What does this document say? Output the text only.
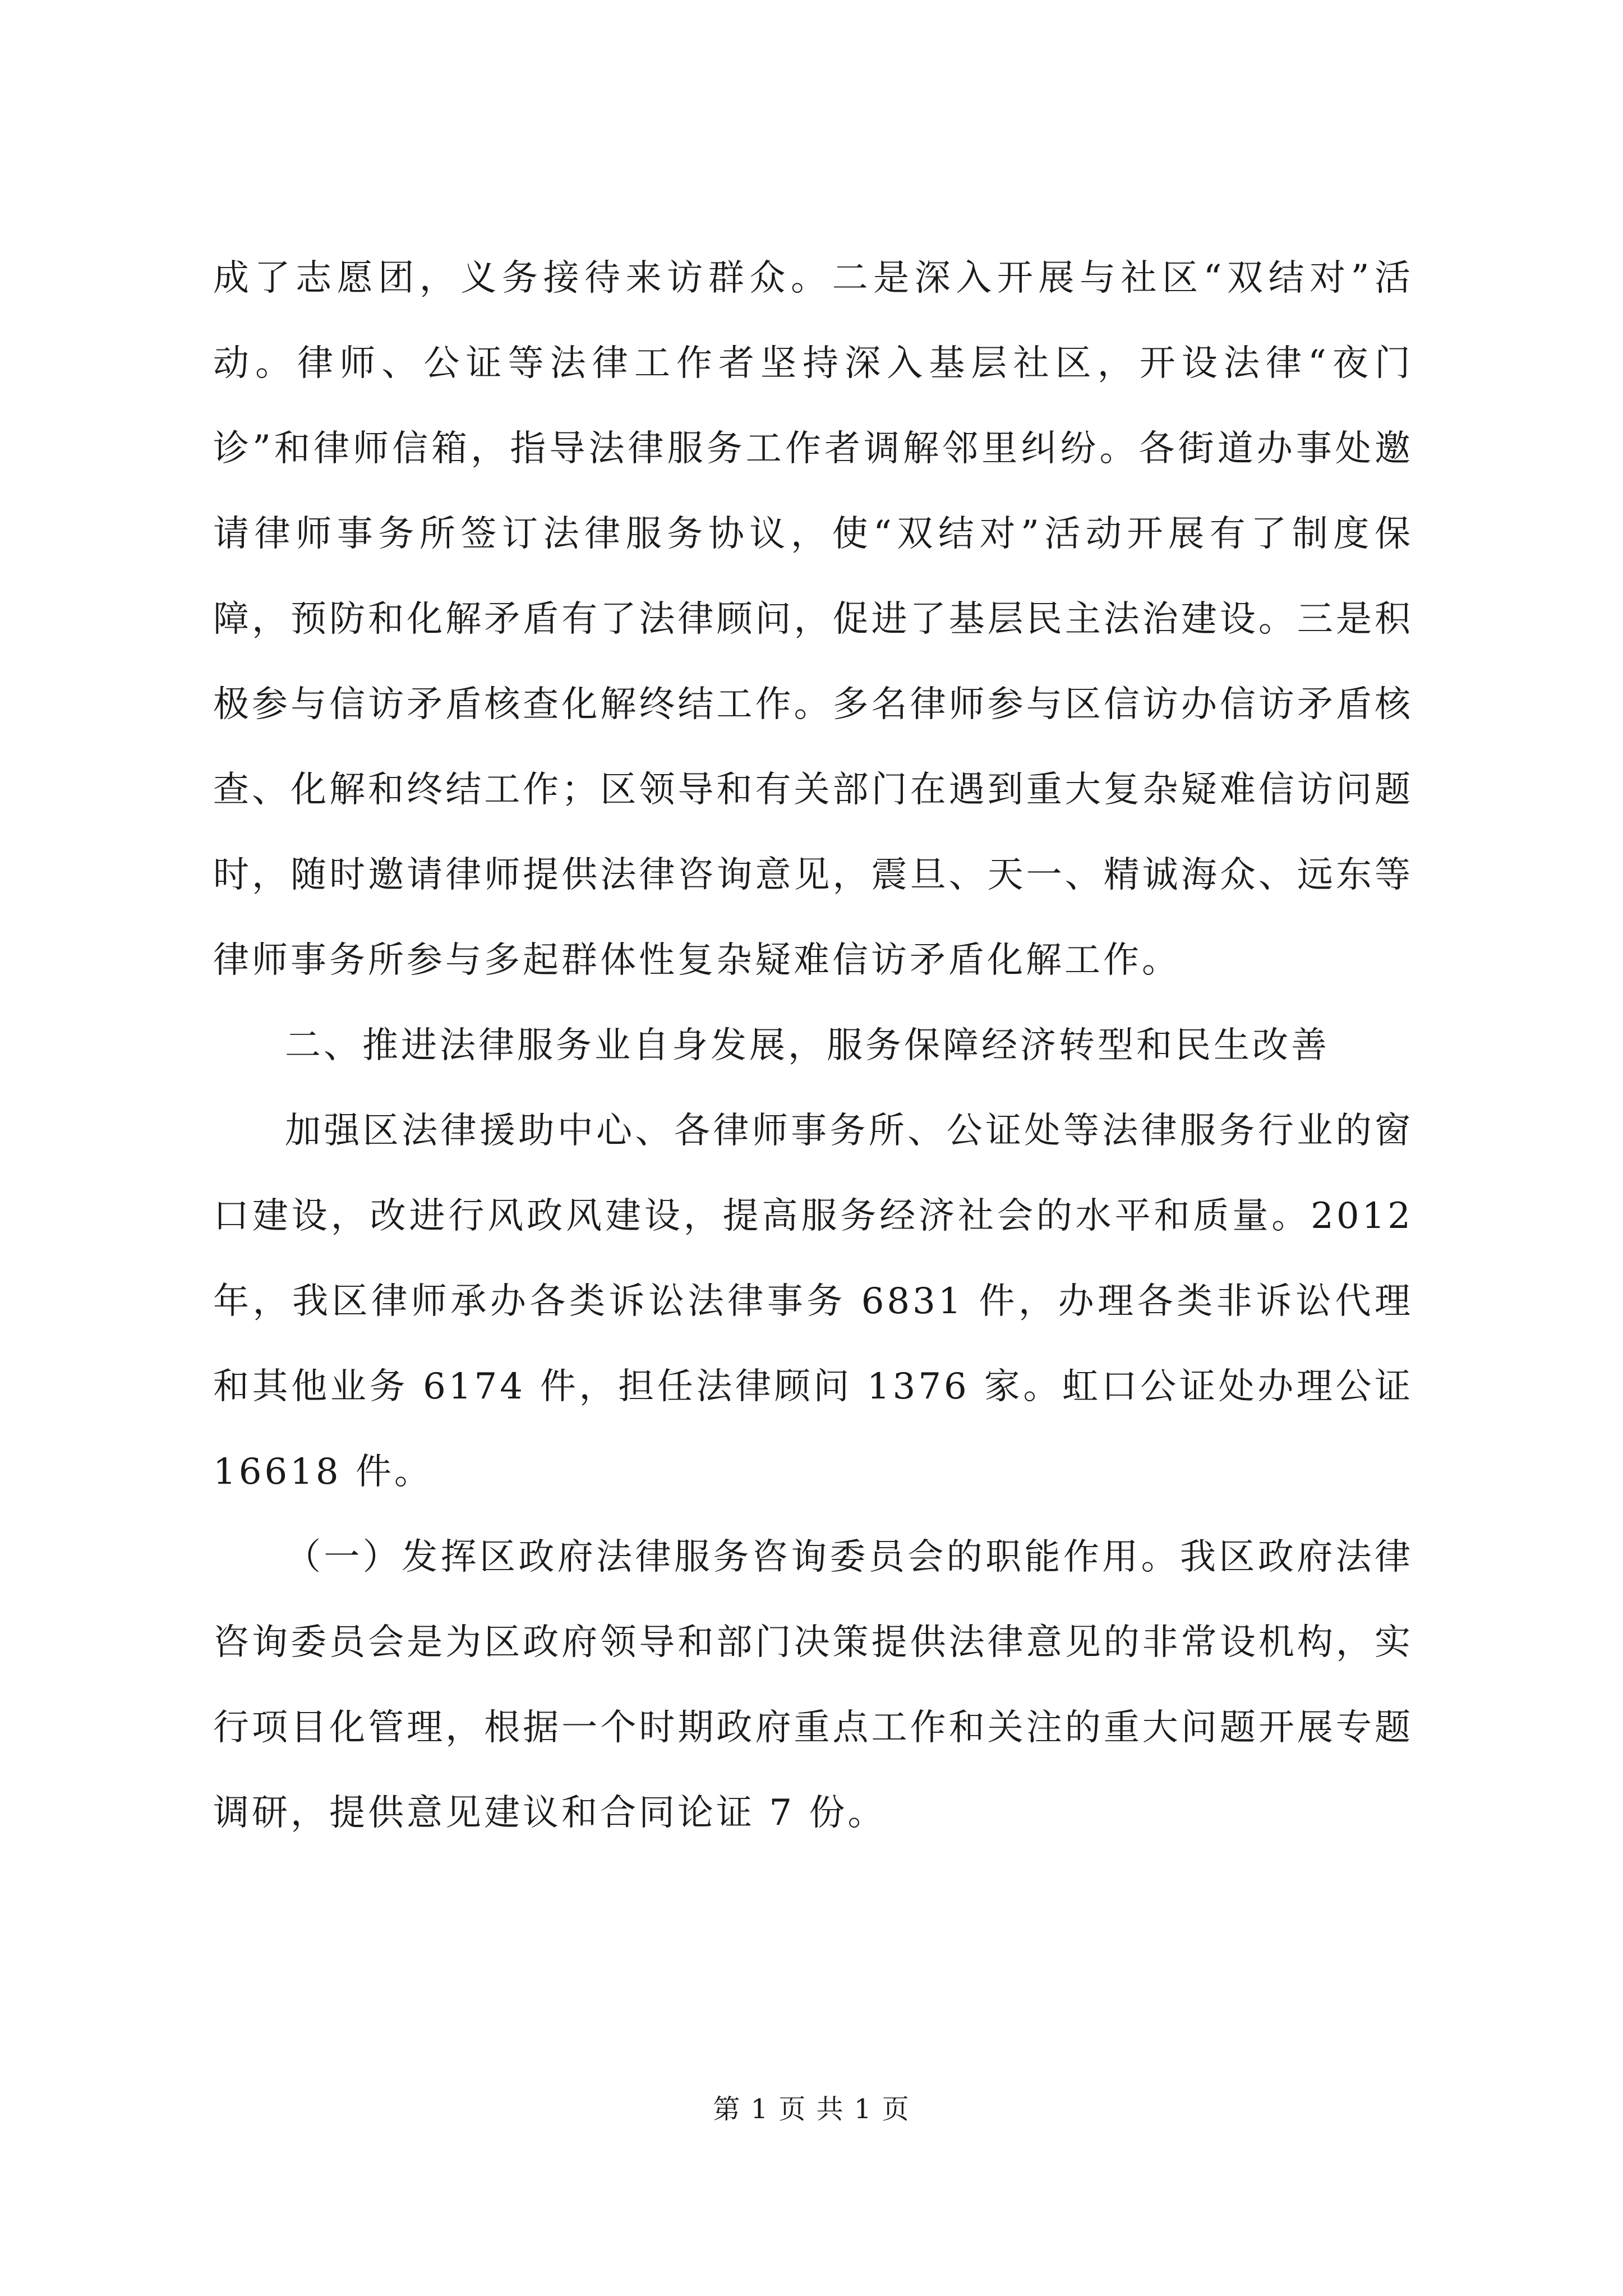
成了志愿团，义务接待来访群众。二是深入开展与社区“双结对”活动。律师、公证等法律工作者坚持深入基层社区，开设法律“夜门诊”和律师信箱，指导法律服务工作者调解邻里纠纷。各街道办事处邀请律师事务所签订法律服务协议，使“双结对”活动开展有了制度保障，预防和化解矛盾有了法律顾问，促进了基层民主法治建设。三是积极参与信访矛盾核查化解终结工作。多名律师参与区信访办信访矛盾核查、化解和终结工作；区领导和有关部门在遇到重大复杂疑难信访问题时，随时邀请律师提供法律咨询意见，震旦、天一、精诚海众、远东等律师事务所参与多起群体性复杂疑难信访矛盾化解工作。

二、推进法律服务业自身发展，服务保障经济转型和民生改善

加强区法律援助中心、各律师事务所、公证处等法律服务行业的窗口建设，改进行风政风建设，提高服务经济社会的水平和质量。2012 年，我区律师承办各类诉讼法律事务 6831 件，办理各类非诉讼代理和其他业务 6174 件，担任法律顾问 1376 家。虹口公证处办理公证 16618 件。

（一）发挥区政府法律服务咨询委员会的职能作用。我区政府法律咨询委员会是为区政府领导和部门决策提供法律意见的非常设机构，实行项目化管理，根据一个时期政府重点工作和关注的重大问题开展专题调研，提供意见建议和合同论证 7 份。

第 1 页 共 1 页
